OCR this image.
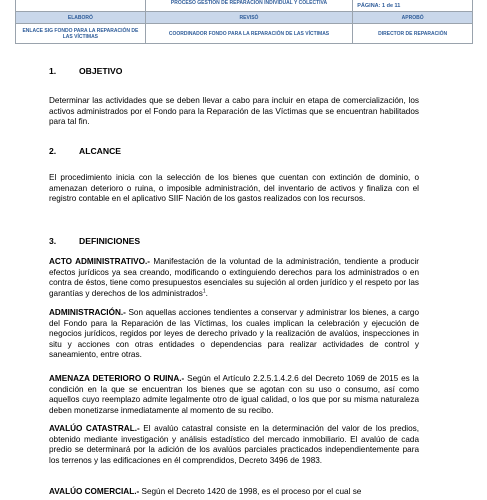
	PROCESO GESTIÓN DE REPARACIÓN INDIVIDUAL Y COLECTIVA	PÁGINA: 1 de 11
ELABORÓ	REVISÓ	APROBÓ
ENLACE SIG FONDO PARA LA REPARACIÓN DE LAS VÍCTIMAS	COORDINADOR FONDO PARA LA REPARACIÓN DE LAS VÍCTIMAS	DIRECTOR DE REPARACIÓN
1.	OBJETIVO

Determinar las actividades que se deben llevar a cabo para incluir en etapa de comercialización, los activos administrados por el Fondo para la Reparación de las Víctimas que se encuentran habilitados para tal fin.

2.	ALCANCE

El procedimiento inicia con la selección de los bienes que cuentan con extinción de dominio, o amenazan deterioro o ruina, o imposible administración, del inventario de activos y finaliza con el registro contable en el aplicativo SIIF Nación de los gastos realizados con los recursos.

3.	DEFINICIONES

ACTO ADMINISTRATIVO.- Manifestación de la voluntad de la administración, tendiente a producir efectos jurídicos ya sea creando, modificando o extinguiendo derechos para los administrados o en contra de éstos, tiene como presupuestos esenciales su sujeción al orden jurídico y el respeto por las garantías y derechos de los administrados$^1$.

ADMINISTRACIÓN.- Son aquellas acciones tendientes a conservar y administrar los bienes, a cargo del Fondo para la Reparación de las Víctimas, los cuales implican la celebración y ejecución de negocios jurídicos, regidos por leyes de derecho privado y la realización de avalúos, inspecciones in situ y acciones con otras entidades o dependencias para realizar actividades de control y saneamiento, entre otras.

AMENAZA DETERIORO O RUINA.- Según el Artículo 2.2.5.1.4.2.6 del Decreto 1069 de 2015 es la condición en la que se encuentran los bienes que se agotan con su uso o consumo, así como aquellos cuyo reemplazo admite legalmente otro de igual calidad, o los que por su misma naturaleza deben monetizarse inmediatamente al momento de su recibo.

AVALÚO CATASTRAL.- El avalúo catastral consiste en la determinación del valor de los predios, obtenido mediante investigación y análisis estadístico del mercado inmobiliario. El avalúo de cada predio se determinará por la adición de los avalúos parciales practicados independientemente para los terrenos y las edificaciones en él comprendidos, Decreto 3496 de 1983.

AVALÚO COMERCIAL.- Según el Decreto 1420 de 1998, es el proceso por el cual se
